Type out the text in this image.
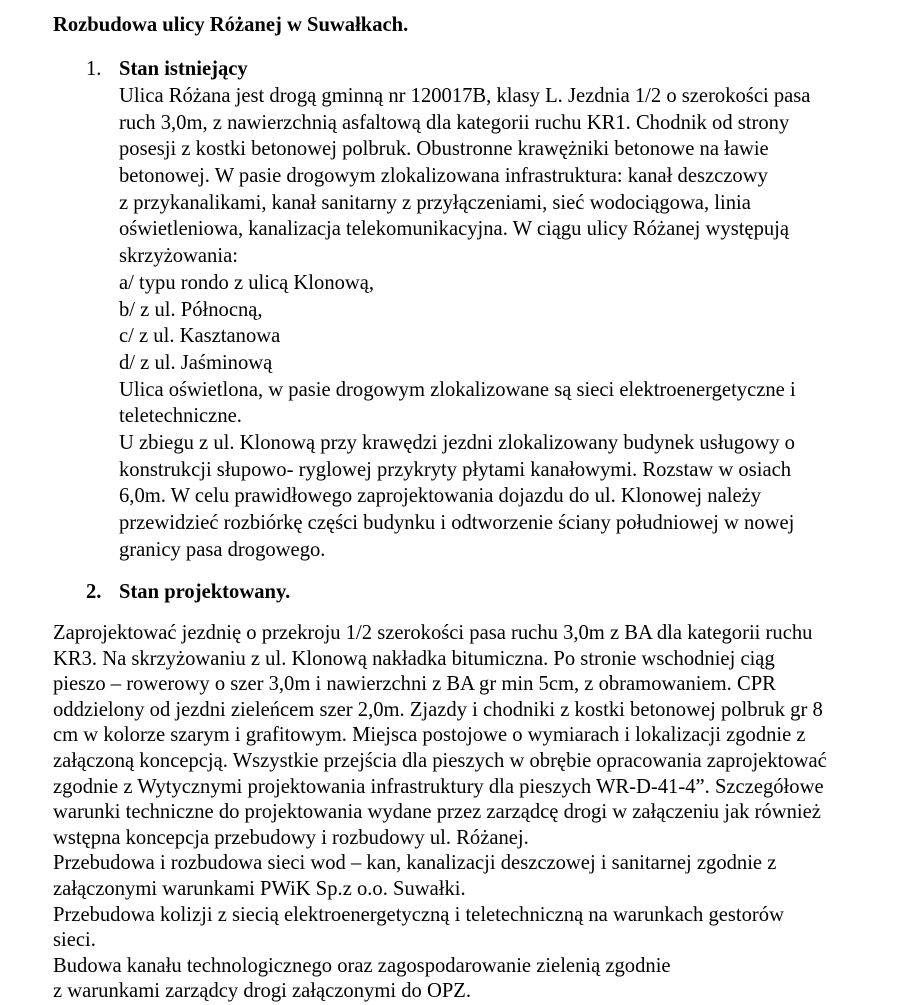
Rozbudowa ulicy Różanej w Suwałkach.
1. Stan istniejący
Ulica Różana jest drogą gminną nr 120017B, klasy L. Jezdnia 1/2 o szerokości pasa
ruch 3,0m, z nawierzchnią asfaltową dla kategorii ruchu KR1. Chodnik od strony
posesji z kostki betonowej polbruk. Obustronne krawężniki betonowe na ławie
betonowej. W pasie drogowym zlokalizowana infrastruktura: kanał deszczowy
z przykanalikami, kanał sanitarny z przyłączeniami, sieć wodociągowa, linia
oświetleniowa, kanalizacja telekomunikacyjna. W ciągu ulicy Różanej występują
skrzyżowania:
a/ typu rondo z ulicą Klonową,
b/ z ul. Północną,
c/ z ul. Kasztanowa
d/ z ul. Jaśminową
Ulica oświetlona, w pasie drogowym zlokalizowane są sieci elektroenergetyczne i
teletechniczne.
U zbiegu z ul. Klonową przy krawędzi jezdni zlokalizowany budynek usługowy o
konstrukcji słupowo- ryglowej przykryty płytami kanałowymi. Rozstaw w osiach
6,0m. W celu prawidłowego zaprojektowania dojazdu do ul. Klonowej należy
przewidzieć rozbiórkę części budynku i odtworzenie ściany południowej w nowej
granicy pasa drogowego.
2. Stan projektowany.
Zaprojektować jezdnię o przekroju 1/2 szerokości pasa ruchu 3,0m z BA dla kategorii ruchu
KR3. Na skrzyżowaniu z ul. Klonową nakładka bitumiczna. Po stronie wschodniej ciąg
pieszo – rowerowy o szer 3,0m i nawierzchni z BA gr min 5cm, z obramowaniem. CPR
oddzielony od jezdni zieleńcem szer 2,0m. Zjazdy i chodniki z kostki betonowej polbruk gr 8
cm w kolorze szarym i grafitowym. Miejsca postojowe o wymiarach i lokalizacji zgodnie z
załączoną koncepcją. Wszystkie przejścia dla pieszych w obrębie opracowania zaprojektować
zgodnie z Wytycznymi projektowania infrastruktury dla pieszych WR-D-41-4”. Szczegółowe
warunki techniczne do projektowania wydane przez zarządcę drogi w załączeniu jak również
wstępna koncepcja przebudowy i rozbudowy ul. Różanej.
Przebudowa i rozbudowa sieci wod – kan, kanalizacji deszczowej i sanitarnej zgodnie z
załączonymi warunkami PWiK Sp.z o.o. Suwałki.
Przebudowa kolizji z siecią elektroenergetyczną i teletechniczną na warunkach gestorów
sieci.
Budowa kanału technologicznego oraz zagospodarowanie zielenią zgodnie
z warunkami zarządcy drogi załączonymi do OPZ.
